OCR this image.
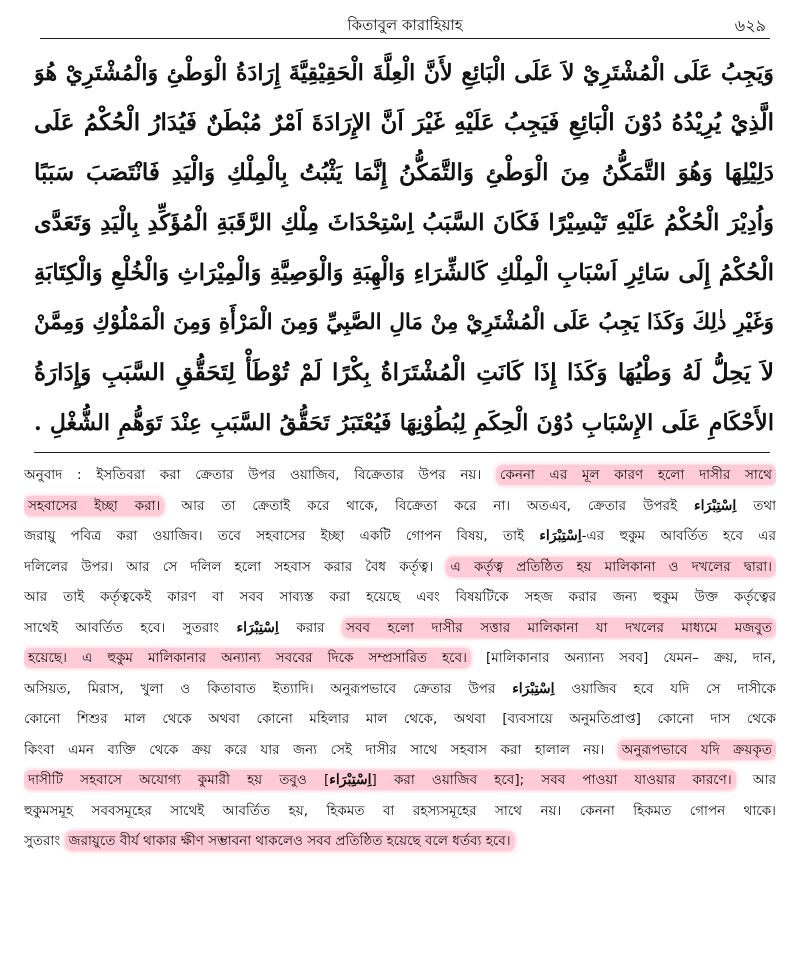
কিতাবুল কারাহিয়াহ	৬২৯
وَيَجِبُ عَلَى الْمُشْتَرِيْ لاَ عَلَى الْبَائِعِ لأَنَّ الْعِلَّةَ الْحَقِيْقِيَّةَ إِرَادَةُ الْوَطْئِ وَالْمُشْتَرِيْ هُوَ
الَّذِيْ يُرِيْدُهُ دُوْنَ الْبَائِعِ فَيَجِبُ عَلَيْهِ غَيْرَ اَنَّ الإِرَادَةَ اَمْرٌ مُبْطَنٌ فَيُدَارُ الْحُكْمُ عَلَى
دَلِيْلِهَا وَهُوَ التَّمَكُّنُ مِنَ الْوَطْئِ وَالتَّمَكُّنُ إِنَّمَا يَثْبُتُ بِالْمِلْكِ وَالْيَدِ فَانْتَصَبَ سَبَبًا
وَاُدِيْرَ الْحُكْمُ عَلَيْهِ تَيْسِيْرًا فَكَانَ السَّبَبُ اِسْتِحْدَاثَ مِلْكِ الرَّقَبَةِ الْمُؤَكِّدِ بِالْيَدِ وَتَعَدَّى
الْحُكْمُ إِلَى سَائِرِ اَسْبَابِ الْمِلْكِ كَالشِّرَاءِ وَالْهِبَةِ وَالْوَصِيَّةِ وَالْمِيْرَاثِ وَالْخُلْعِ وَالْكِتَابَةِ
وَغَيْرِ ذٰلِكَ وَكَذَا يَجِبُ عَلَى الْمُشْتَرِيْ مِنْ مَالِ الصَّبِيِّ وَمِنَ الْمَرْأَةِ وَمِنَ الْمَمْلُوْكِ وَمِمَّنْ
لاَ يَحِلُّ لَهُ وَطْيُهَا وَكَذَا إِذَا كَانَتِ الْمُشْتَرَاةُ بِكْرًا لَمْ تُوْطَأْ لِتَحَقُّقِ السَّبَبِ وَإِدَارَةُ
الأَحْكَامِ عَلَى الإِسْبَابِ دُوْنَ الْحِكَمِ لِبُطُوْنِهَا فَيُعْتَبَرُ تَحَقُّقُ السَّبَبِ عِنْدَ تَوَهُّمِ الشُّغْلِ .
অনুবাদ : ইসতিবরা করা ক্রেতার উপর ওয়াজিব, বিক্রেতার উপর নয়। কেননা এর মূল কারণ হলো দাসীর সাথে
সহবাসের ইচ্ছা করা। আর তা ক্রেতাই করে থাকে, বিক্রেতা করে না। অতএব, ক্রেতার উপরই اِسْتِبْرَاء তথা
জরায়ু পবিত্র করা ওয়াজিব। তবে সহবাসের ইচ্ছা একটি গোপন বিষয়, তাই اِسْتِبْرَاء-এর হুকুম আবর্তিত হবে এর
দলিলের উপর। আর সে দলিল হলো সহবাস করার বৈধ কর্তৃত্ব। এ কর্তৃত্ব প্রতিষ্ঠিত হয় মালিকানা ও দখলের দ্বারা।
আর তাই কর্তৃত্বকেই কারণ বা সবব সাব্যস্ত করা হয়েছে এবং বিষয়টিকে সহজ করার জন্য হুকুম উক্ত কর্তৃত্বের
সাথেই আবর্তিত হবে। সুতরাং اِسْتِبْرَاء করার সবব হলো দাসীর সত্তার মালিকানা যা দখলের মাধ্যমে মজবুত
হয়েছে। এ হুকুম মালিকানার অন্যান্য সববের দিকে সম্প্রসারিত হবে। [মালিকানার অন্যান্য সবব] যেমন– ক্রয়, দান,
অসিয়ত, মিরাস, খুলা ও কিতাবাত ইত্যাদি। অনুরূপভাবে ক্রেতার উপর اِسْتِبْرَاء ওয়াজিব হবে যদি সে দাসীকে
কোনো শিশুর মাল থেকে অথবা কোনো মহিলার মাল থেকে, অথবা [ব্যবসায়ে অনুমতিপ্রাপ্ত] কোনো দাস থেকে
কিংবা এমন ব্যক্তি থেকে ক্রয় করে যার জন্য সেই দাসীর সাথে সহবাস করা হালাল নয়। অনুরূপভাবে যদি ক্রয়কৃত
দাসীটি সহবাসে অযোগ্য কুমারী হয় তবুও [اِسْتِبْرَاء] করা ওয়াজিব হবে]; সবব পাওয়া যাওয়ার কারণে। আর
হুকুমসমূহ সববসমূহের সাথেই আবর্তিত হয়, হিকমত বা রহস্যসমূহের সাথে নয়। কেননা হিকমত গোপন থাকে।
সুতরাং জরায়ুতে বীর্য থাকার ক্ষীণ সম্ভাবনা থাকলেও সবব প্রতিষ্ঠিত হয়েছে বলে ধর্তব্য হবে।
